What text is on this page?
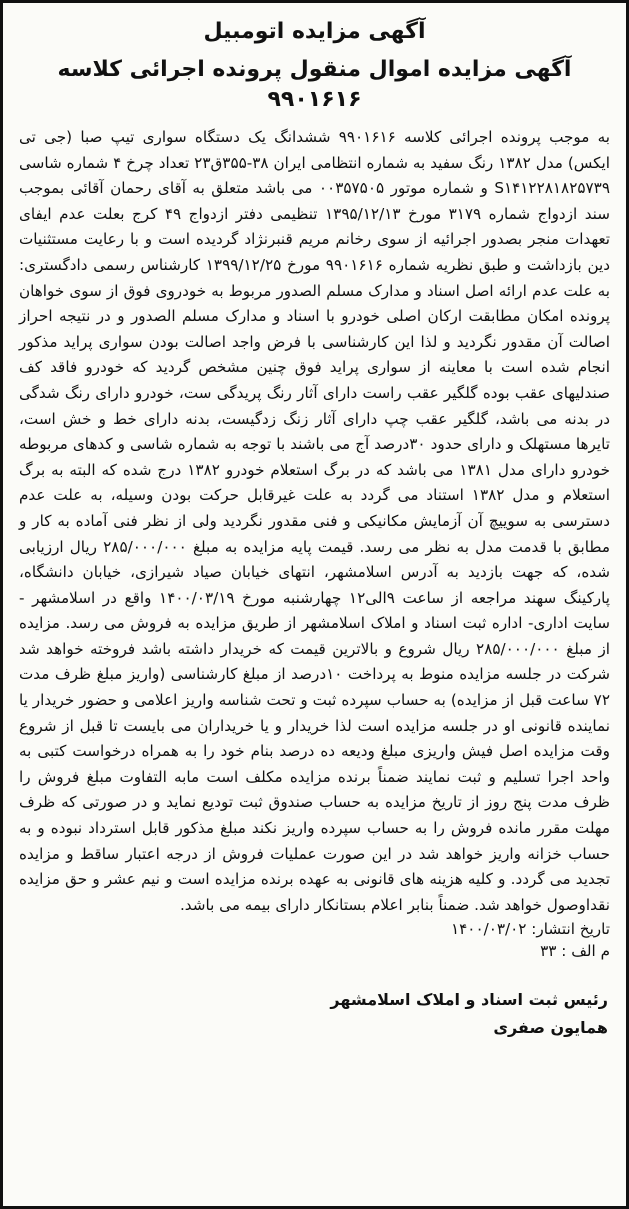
آگهی مزایده اتومبیل
آگهی مزایده اموال منقول پرونده اجرائی کلاسه ۹۹۰۱۶۱۶
به موجب پرونده اجرائی کلاسه ۹۹۰۱۶۱۶ ششدانگ یک دستگاه سواری تیپ صبا (جی تی ایکس) مدل ۱۳۸۲ رنگ سفید به شماره انتظامی ایران ۳۸-۳۵۵ق۲۳ تعداد چرخ ۴ شماره شاسی S۱۴۱۲۲۸۱۸۲۵۷۳۹ و شماره موتور ۰۰۳۵۷۵۰۵ می باشد متعلق به آقای رحمان آقائی بموجب سند ازدواج شماره ۳۱۷۹ مورخ ۱۳۹۵/۱۲/۱۳ تنظیمی دفتر ازدواج ۴۹ کرج بعلت عدم ایفای تعهدات منجر بصدور اجرائیه از سوی رخانم مریم قنبرنژاد گردیده است و با رعایت مستثنیات دین بازداشت و طبق نظریه شماره ۹۹۰۱۶۱۶ مورخ ۱۳۹۹/۱۲/۲۵ کارشناس رسمی دادگستری: به علت عدم ارائه اصل اسناد و مدارک مسلم الصدور مربوط به خودروی فوق از سوی خواهان پرونده امکان مطابقت ارکان اصلی خودرو با اسناد و مدارک مسلم الصدور و در نتیجه احراز اصالت آن مقدور نگردید و لذا این کارشناسی با فرض واجد اصالت بودن سواری پراید مذکور انجام شده است با معاینه از سواری پراید فوق چنین مشخص گردید که خودرو فاقد کف صندلیهای عقب بوده گلگیر عقب راست دارای آثار رنگ پریدگی ست، خودرو دارای رنگ شدگی در بدنه می باشد، گلگیر عقب چپ دارای آثار زنگ زدگیست، بدنه دارای خط و خش است، تایرها مستهلک و دارای حدود ۳۰درصد آج می باشند با توجه به شماره شاسی و کدهای مربوطه خودرو دارای مدل ۱۳۸۱ می باشد که در برگ استعلام خودرو ۱۳۸۲ درج شده که البته به برگ استعلام و مدل ۱۳۸۲ استناد می گردد به علت غیرقابل حرکت بودن وسیله، به علت عدم دسترسی به سوییچ آن آزمایش مکانیکی و فنی مقدور نگردید ولی از نظر فنی آماده به کار و مطابق با قدمت مدل به نظر می رسد. قیمت پایه مزایده به مبلغ ۲۸۵/۰۰۰/۰۰۰ ریال ارزیابی شده، که جهت بازدید به آدرس اسلامشهر، انتهای خیابان صیاد شیرازی، خیابان دانشگاه، پارکینگ سهند مراجعه از ساعت ۹الی۱۲ چهارشنبه مورخ ۱۴۰۰/۰۳/۱۹ واقع در اسلامشهر - سایت اداری- اداره ثبت اسناد و املاک اسلامشهر از طریق مزایده به فروش می رسد. مزایده از مبلغ ۲۸۵/۰۰۰/۰۰۰ ریال شروع و بالاترین قیمت که خریدار داشته باشد فروخته خواهد شد شرکت در جلسه مزایده منوط به پرداخت ۱۰درصد از مبلغ کارشناسی (واریز مبلغ ظرف مدت ۷۲ ساعت قبل از مزایده) به حساب سپرده ثبت و تحت شناسه واریز اعلامی و حضور خریدار یا نماینده قانونی او در جلسه مزایده است لذا خریدار و یا خریداران می بایست تا قبل از شروع وقت مزایده اصل فیش واریزی مبلغ ودیعه ده درصد بنام خود را به همراه درخواست کتبی به واحد اجرا تسلیم و ثبت نمایند ضمناً برنده مزایده مکلف است مابه التفاوت مبلغ فروش را ظرف مدت پنج روز از تاریخ مزایده به حساب صندوق ثبت تودیع نماید و در صورتی که ظرف مهلت مقرر مانده فروش را به حساب سپرده واریز نکند مبلغ مذکور قابل استرداد نبوده و به حساب خزانه واریز خواهد شد در این صورت عملیات فروش از درجه اعتبار ساقط و مزایده تجدید می گردد. و کلیه هزینه های قانونی به عهده برنده مزایده است و نیم عشر و حق مزایده نقداوصول خواهد شد. ضمناً بنابر اعلام بستانکار دارای بیمه می باشد.
تاریخ انتشار: ۱۴۰۰/۰۳/۰۲
م الف : ۳۳
رئیس ثبت اسناد و املاک اسلامشهر
همایون صفری
